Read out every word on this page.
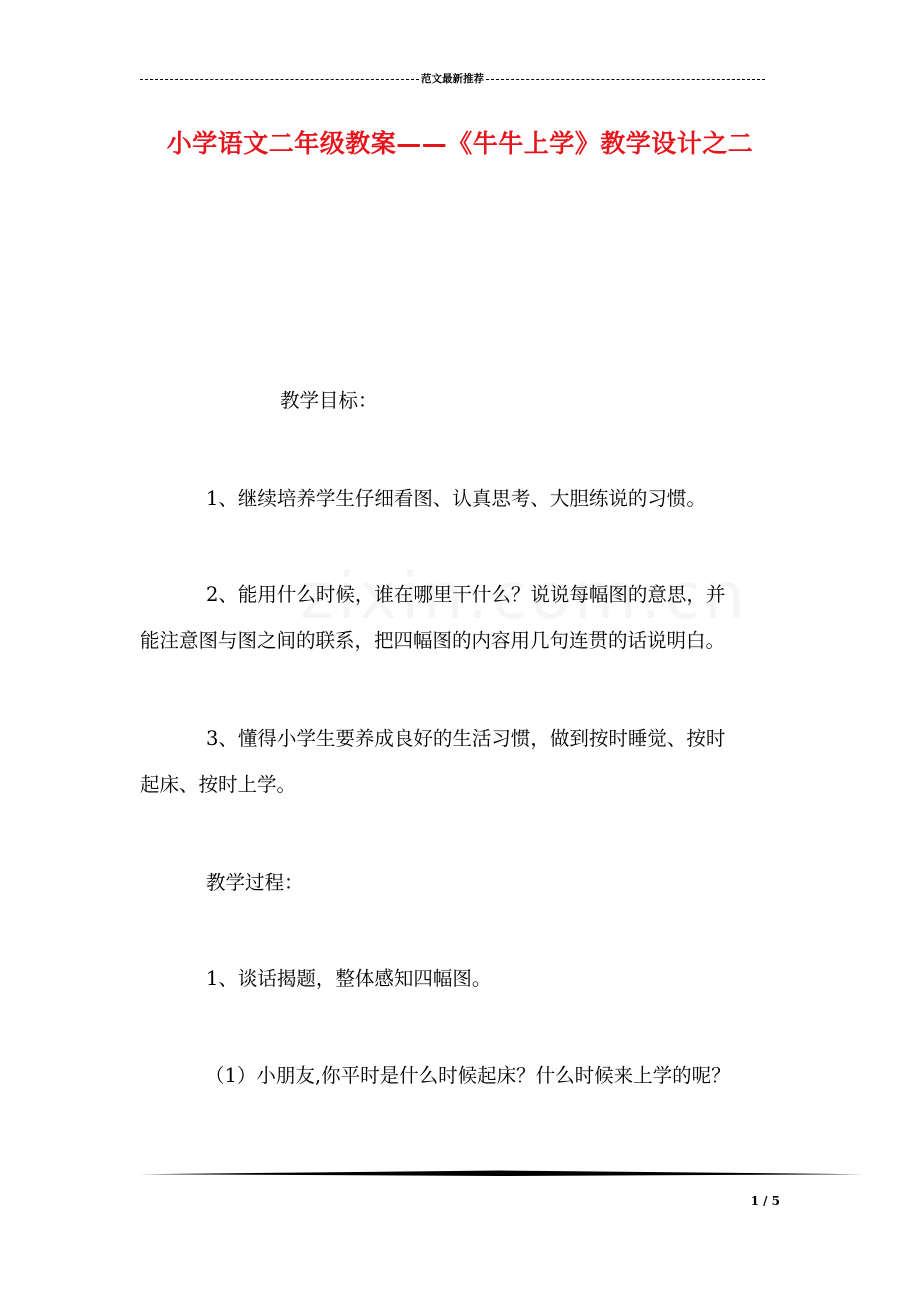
范文最新推荐
小学语文二年级教案——《牛牛上学》教学设计之二

教学目标：

1、继续培养学生仔细看图、认真思考、大胆练说的习惯。

2、能用什么时候，谁在哪里干什么？说说每幅图的意思，并

能注意图与图之间的联系，把四幅图的内容用几句连贯的话说明白。

3、懂得小学生要养成良好的生活习惯，做到按时睡觉、按时

起床、按时上学。

教学过程：

1、谈话揭题，整体感知四幅图。

（1）小朋友,你平时是什么时候起床？什么时候来上学的呢？

1 / 5
